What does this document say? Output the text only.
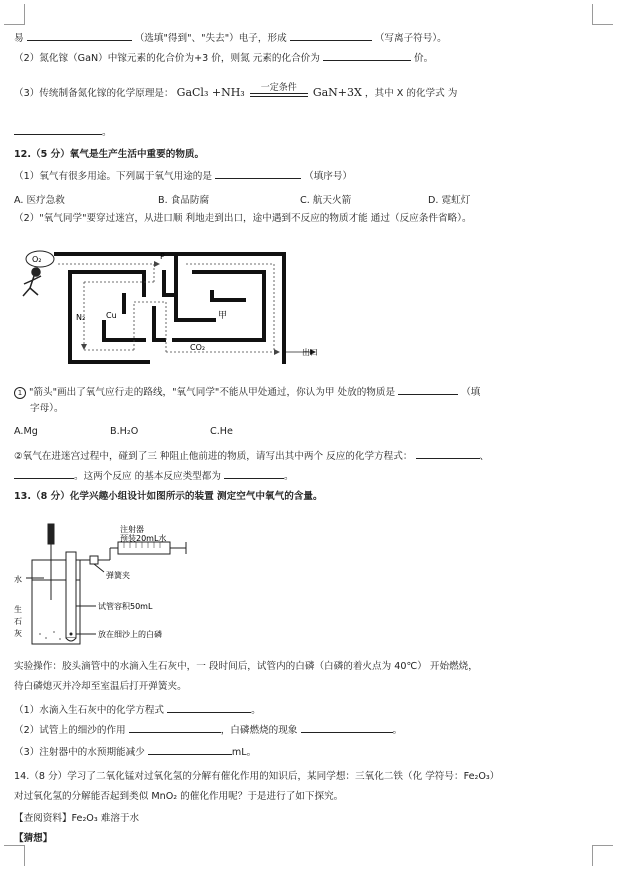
易	（选填"得到"、"失去"）电子，形成	（写离子符号）。
（2）氮化镓（GaN）中镓元素的化合价为+3 价，则氮 元素的化合价为	价。
（3）传统制备氮化镓的化学原理是： GaCl₃ +NH₃	一定条件	GaN+3X ，其中 X 的化学式 为
。
12.（5 分）氧气是生产生活中重要的物质。
（1）氧气有很多用途。下列属于氧气用途的是	（填序号）
A. 医疗急救	B. 食品防腐	C. 航天火箭	D. 霓虹灯
（2）"氧气同学"要穿过迷宫，从进口顺 利地走到出口，途中遇到不反应的物质才能 通过（反应条件省略）。
O₂	P
N₂	Cu	甲
CO₂
出口
1 "箭头"画出了氧气应行走的路线，"氧气同学"不能从甲处通过，你认为甲 处放的物质是	（填
字母）。
A.Mg	B.H₂O	C.He
②氧气在进迷宫过程中，碰到了三 种阻止他前进的物质，请写出其中两个 反应的化学方程式：	、
。这两个反应 的基本反应类型都为	。
13.（8 分）化学兴趣小组设计如图所示的装置 测定空气中氧气的含量。
注射器
预装20mL水
水	弹簧夹
试管容积50mL
放在细沙上的白磷
生
石
灰
实验操作：胶头滴管中的水滴入生石灰中，一 段时间后，试管内的白磷（白磷的着火点为 40℃） 开始燃烧，
待白磷熄灭并冷却至室温后打开弹簧夹。
（1）水滴入生石灰中的化学方程式	。
（2）试管上的细沙的作用	，白磷燃烧的现象	。
（3）注射器中的水预期能减少	mL。
14.（8 分）学习了二氧化锰对过氧化氢的分解有催化作用的知识后，某同学想：三氧化二铁（化 学符号：Fe₂O₃）
对过氧化氢的分解能否起到类似 MnO₂ 的催化作用呢？于是进行了如下探究。
【查阅资料】Fe₂O₃ 难溶于水
【猜想】
